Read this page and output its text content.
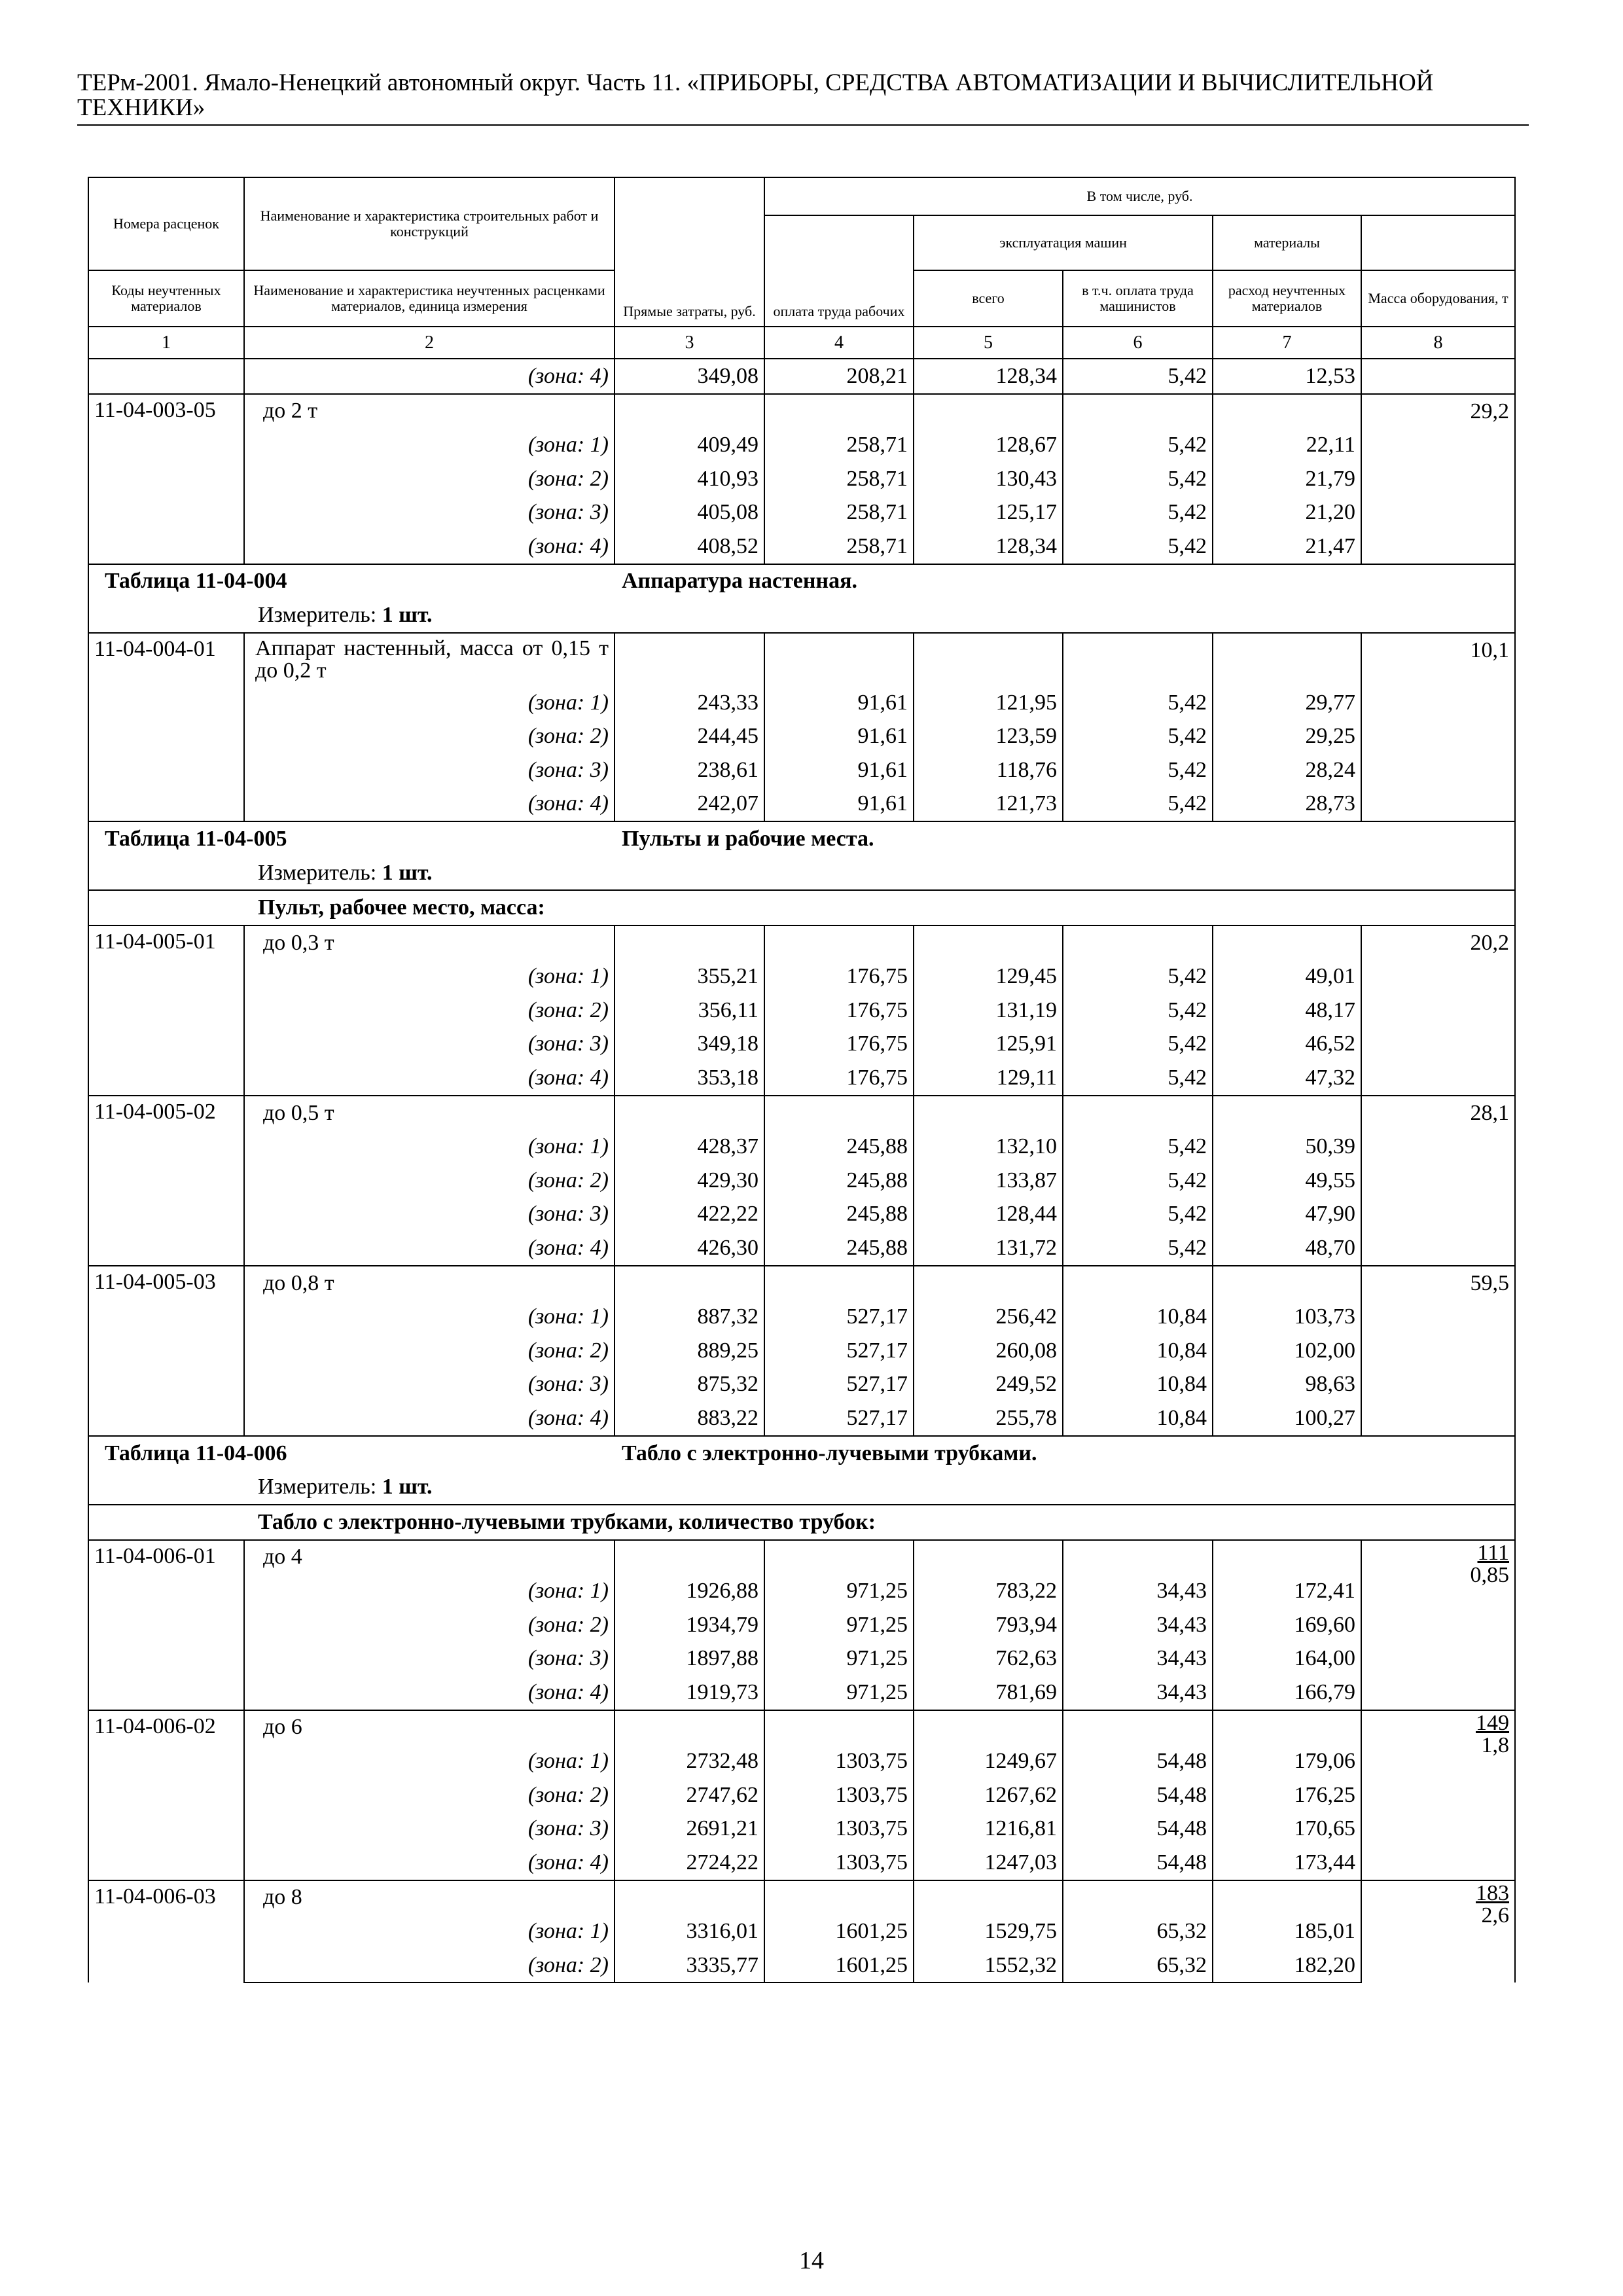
ТЕРм-2001. Ямало-Ненецкий автономный округ. Часть 11. «ПРИБОРЫ, СРЕДСТВА АВТОМАТИЗАЦИИ И ВЫЧИСЛИТЕЛЬНОЙ
ТЕХНИКИ»
Номера расценок	Наименование и характеристика строительных работ и конструкций	Прямые затраты, руб.	В том числе, руб.	
			оплата труда рабочих	эксплуатация машин		материалы		
Коды неучтенных материалов	Наименование и характеристика неучтенных расценками материалов, единица измерения			всего	в т.ч. оплата труда машинистов	расход неучтенных материалов	Масса оборудования, т	
1	2	3	4	5	6	7	8	
	(зона: 4)	349,08	208,21	128,34	5,42	12,53		
11-04-003-05	до 2 т						29,2	
	(зона: 1)	409,49	258,71	128,67	5,42	22,11		
	(зона: 2)	410,93	258,71	130,43	5,42	21,79		
	(зона: 3)	405,08	258,71	125,17	5,42	21,20		
	(зона: 4)	408,52	258,71	128,34	5,42	21,47		
Таблица 11-04-004 Аппаратура настенная.								
Измеритель: 1 шт.								
11-04-004-01	Аппарат настенный, масса от 0,15 т до 0,2 т						10,1	
	(зона: 1)	243,33	91,61	121,95	5,42	29,77		
	(зона: 2)	244,45	91,61	123,59	5,42	29,25		
	(зона: 3)	238,61	91,61	118,76	5,42	28,24		
	(зона: 4)	242,07	91,61	121,73	5,42	28,73		
Таблица 11-04-005 Пульты и рабочие места.								
Измеритель: 1 шт.								
Пульт, рабочее место, масса:								
11-04-005-01	до 0,3 т						20,2	
	(зона: 1)	355,21	176,75	129,45	5,42	49,01		
	(зона: 2)	356,11	176,75	131,19	5,42	48,17		
	(зона: 3)	349,18	176,75	125,91	5,42	46,52		
	(зона: 4)	353,18	176,75	129,11	5,42	47,32		
11-04-005-02	до 0,5 т						28,1	
	(зона: 1)	428,37	245,88	132,10	5,42	50,39		
	(зона: 2)	429,30	245,88	133,87	5,42	49,55		
	(зона: 3)	422,22	245,88	128,44	5,42	47,90		
	(зона: 4)	426,30	245,88	131,72	5,42	48,70		
11-04-005-03	до 0,8 т						59,5	
	(зона: 1)	887,32	527,17	256,42	10,84	103,73		
	(зона: 2)	889,25	527,17	260,08	10,84	102,00		
	(зона: 3)	875,32	527,17	249,52	10,84	98,63		
	(зона: 4)	883,22	527,17	255,78	10,84	100,27		
Таблица 11-04-006 Табло с электронно-лучевыми трубками.								
Измеритель: 1 шт.								
Табло с электронно-лучевыми трубками, количество трубок:								
11-04-006-01	до 4						$\frac{111}{0,85}$

	(зона: 1)	1926,88	971,25	783,22	34,43	172,41		
	(зона: 2)	1934,79	971,25	793,94	34,43	169,60		
	(зона: 3)	1897,88	971,25	762,63	34,43	164,00		
	(зона: 4)	1919,73	971,25	781,69	34,43	166,79		
11-04-006-02	до 6						$\frac{149}{1,8}$

	(зона: 1)	2732,48	1303,75	1249,67	54,48	179,06		
	(зона: 2)	2747,62	1303,75	1267,62	54,48	176,25		
	(зона: 3)	2691,21	1303,75	1216,81	54,48	170,65		
	(зона: 4)	2724,22	1303,75	1247,03	54,48	173,44		
11-04-006-03	до 8						$\frac{183}{2,6}$

	(зона: 1)	3316,01	1601,25	1529,75	65,32	185,01		
	(зона: 2)	3335,77	1601,25	1552,32	65,32	182,20		
14
